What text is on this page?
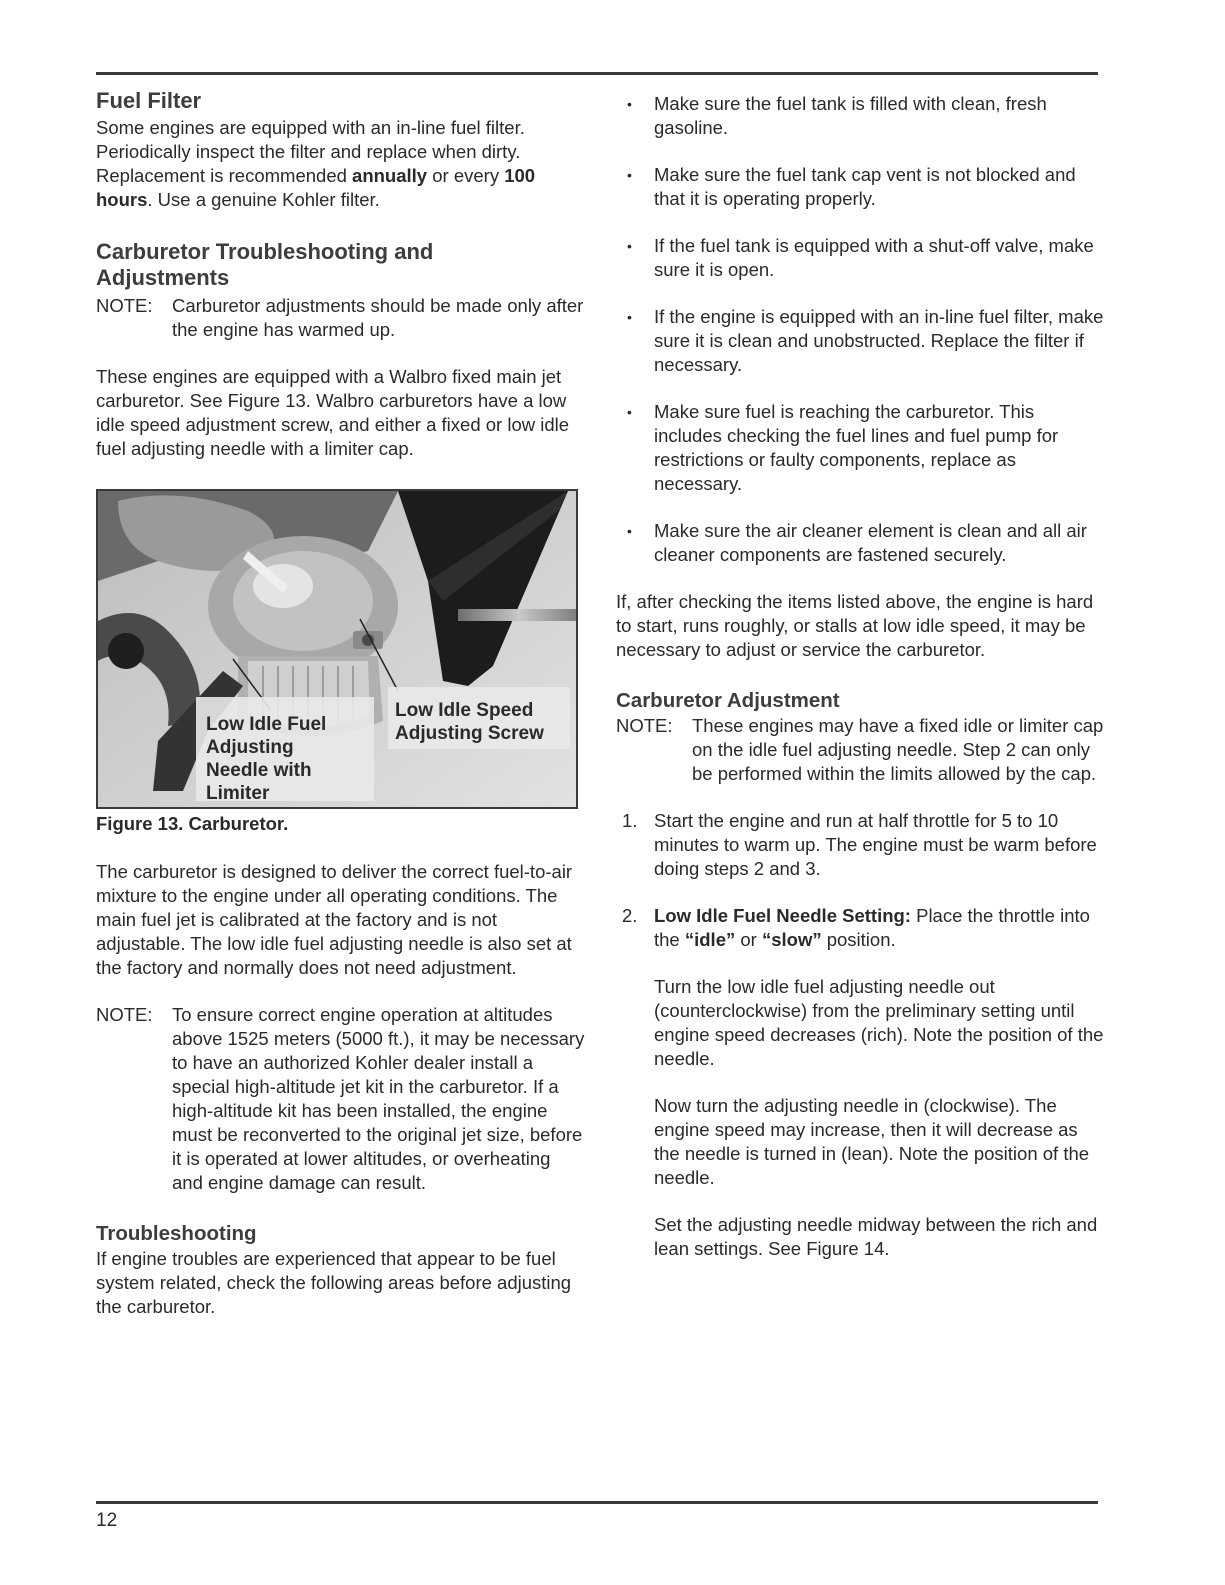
Fuel Filter

Some engines are equipped with an in-line fuel filter. Periodically inspect the filter and replace when dirty. Replacement is recommended annually or every 100 hours. Use a genuine Kohler filter.

Carburetor Troubleshooting and Adjustments
NOTE:	Carburetor adjustments should be made only after the engine has warmed up.

These engines are equipped with a Walbro fixed main jet carburetor. See Figure 13. Walbro carburetors have a low idle speed adjustment screw, and either a fixed or low idle fuel adjusting needle with a limiter cap.

Low Idle Fuel Adjusting Needle with Limiter
Low Idle Speed Adjusting Screw
Figure 13. Carburetor.

The carburetor is designed to deliver the correct fuel-to-air mixture to the engine under all operating conditions. The main fuel jet is calibrated at the factory and is not adjustable. The low idle fuel adjusting needle is also set at the factory and normally does not need adjustment.

NOTE:	To ensure correct engine operation at altitudes above 1525 meters (5000 ft.), it may be necessary to have an authorized Kohler dealer install a special high-altitude jet kit in the carburetor. If a high-altitude kit has been installed, the engine must be reconverted to the original jet size, before it is operated at lower altitudes, or overheating and engine damage can result.
Troubleshooting

If engine troubles are experienced that appear to be fuel system related, check the following areas before adjusting the carburetor.

• Make sure the fuel tank is filled with clean, fresh gasoline.
• Make sure the fuel tank cap vent is not blocked and that it is operating properly.
• If the fuel tank is equipped with a shut-off valve, make sure it is open.
• If the engine is equipped with an in-line fuel filter, make sure it is clean and unobstructed. Replace the filter if necessary.
• Make sure fuel is reaching the carburetor. This includes checking the fuel lines and fuel pump for restrictions or faulty components, replace as necessary.
• Make sure the air cleaner element is clean and all air cleaner components are fastened securely.

If, after checking the items listed above, the engine is hard to start, runs roughly, or stalls at low idle speed, it may be necessary to adjust or service the carburetor.

Carburetor Adjustment
NOTE:	These engines may have a fixed idle or limiter cap on the idle fuel adjusting needle. Step 2 can only be performed within the limits allowed by the cap.
1. Start the engine and run at half throttle for 5 to 10 minutes to warm up. The engine must be warm before doing steps 2 and 3.
2. Low Idle Fuel Needle Setting: Place the throttle into the “idle” or “slow” position.

Turn the low idle fuel adjusting needle out (counterclockwise) from the preliminary setting until engine speed decreases (rich). Note the position of the needle.

Now turn the adjusting needle in (clockwise). The engine speed may increase, then it will decrease as the needle is turned in (lean). Note the position of the needle.

Set the adjusting needle midway between the rich and lean settings. See Figure 14.

12
